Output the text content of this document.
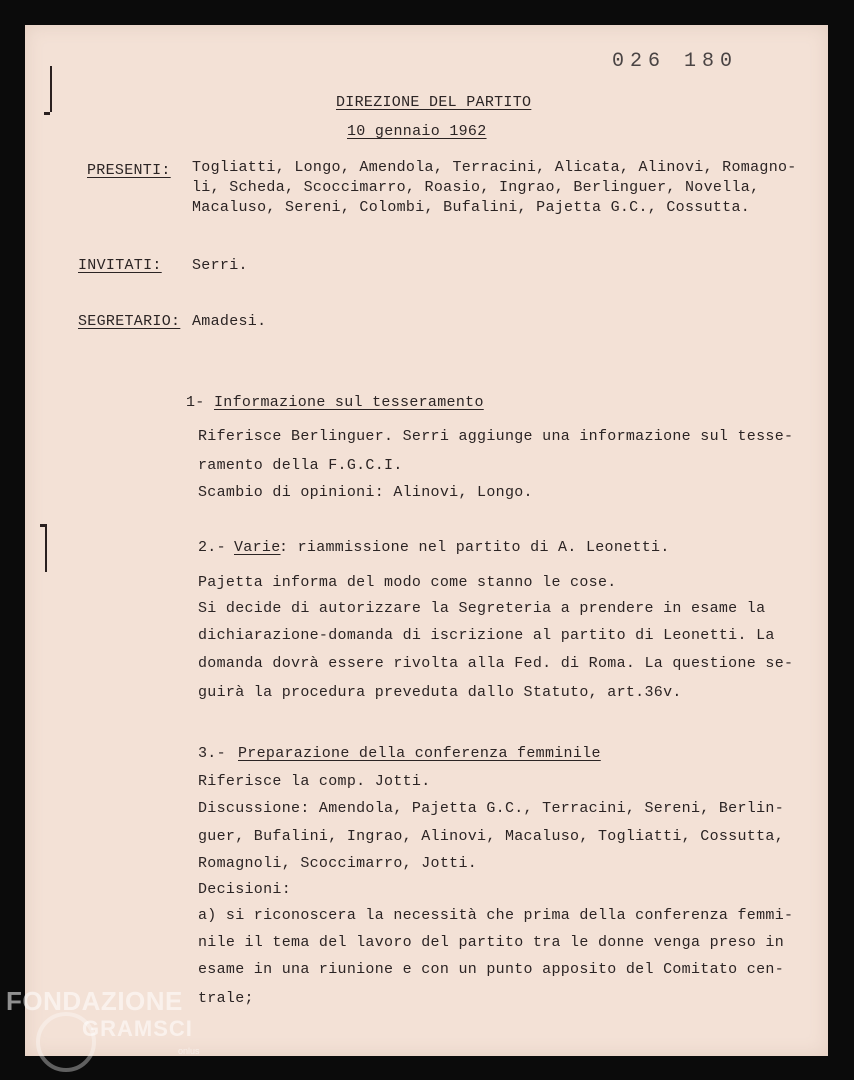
026 180
DIREZIONE DEL PARTITO
10 gennaio 1962
PRESENTI: Togliatti, Longo, Amendola, Terracini, Alicata, Alinovi, Romagno-
li, Scheda, Scoccimarro, Roasio, Ingrao, Berlinguer, Novella,
Macaluso, Sereni, Colombi, Bufalini, Pajetta G.C., Cossutta.
INVITATI: Serri.
SEGRETARIO: Amadesi.
1- Informazione sul tesseramento
Riferisce Berlinguer. Serri aggiunge una informazione sul tesse-
ramento della F.G.C.I.
Scambio di opinioni: Alinovi, Longo.
2.- Varie
: riammissione nel partito di A. Leonetti.
Pajetta informa del modo come stanno le cose.
Si decide di autorizzare la Segreteria a prendere in esame la
dichiarazione-domanda di iscrizione al partito di Leonetti. La
domanda dovrà essere rivolta alla Fed. di Roma. La questione se-
guirà la procedura preveduta dallo Statuto, art.36v.
3.- Preparazione della conferenza femminile
Riferisce la comp. Jotti.
Discussione: Amendola, Pajetta G.C., Terracini, Sereni, Berlin-
guer, Bufalini, Ingrao, Alinovi, Macaluso, Togliatti, Cossutta,
Romagnoli, Scoccimarro, Jotti.
Decisioni:
a) si riconoscera la necessità che prima della conferenza femmi-
nile il tema del lavoro del partito tra le donne venga preso in
esame in una riunione e con un punto apposito del Comitato cen-
trale;
FONDAZIONE
GRAMSCI
onlus
